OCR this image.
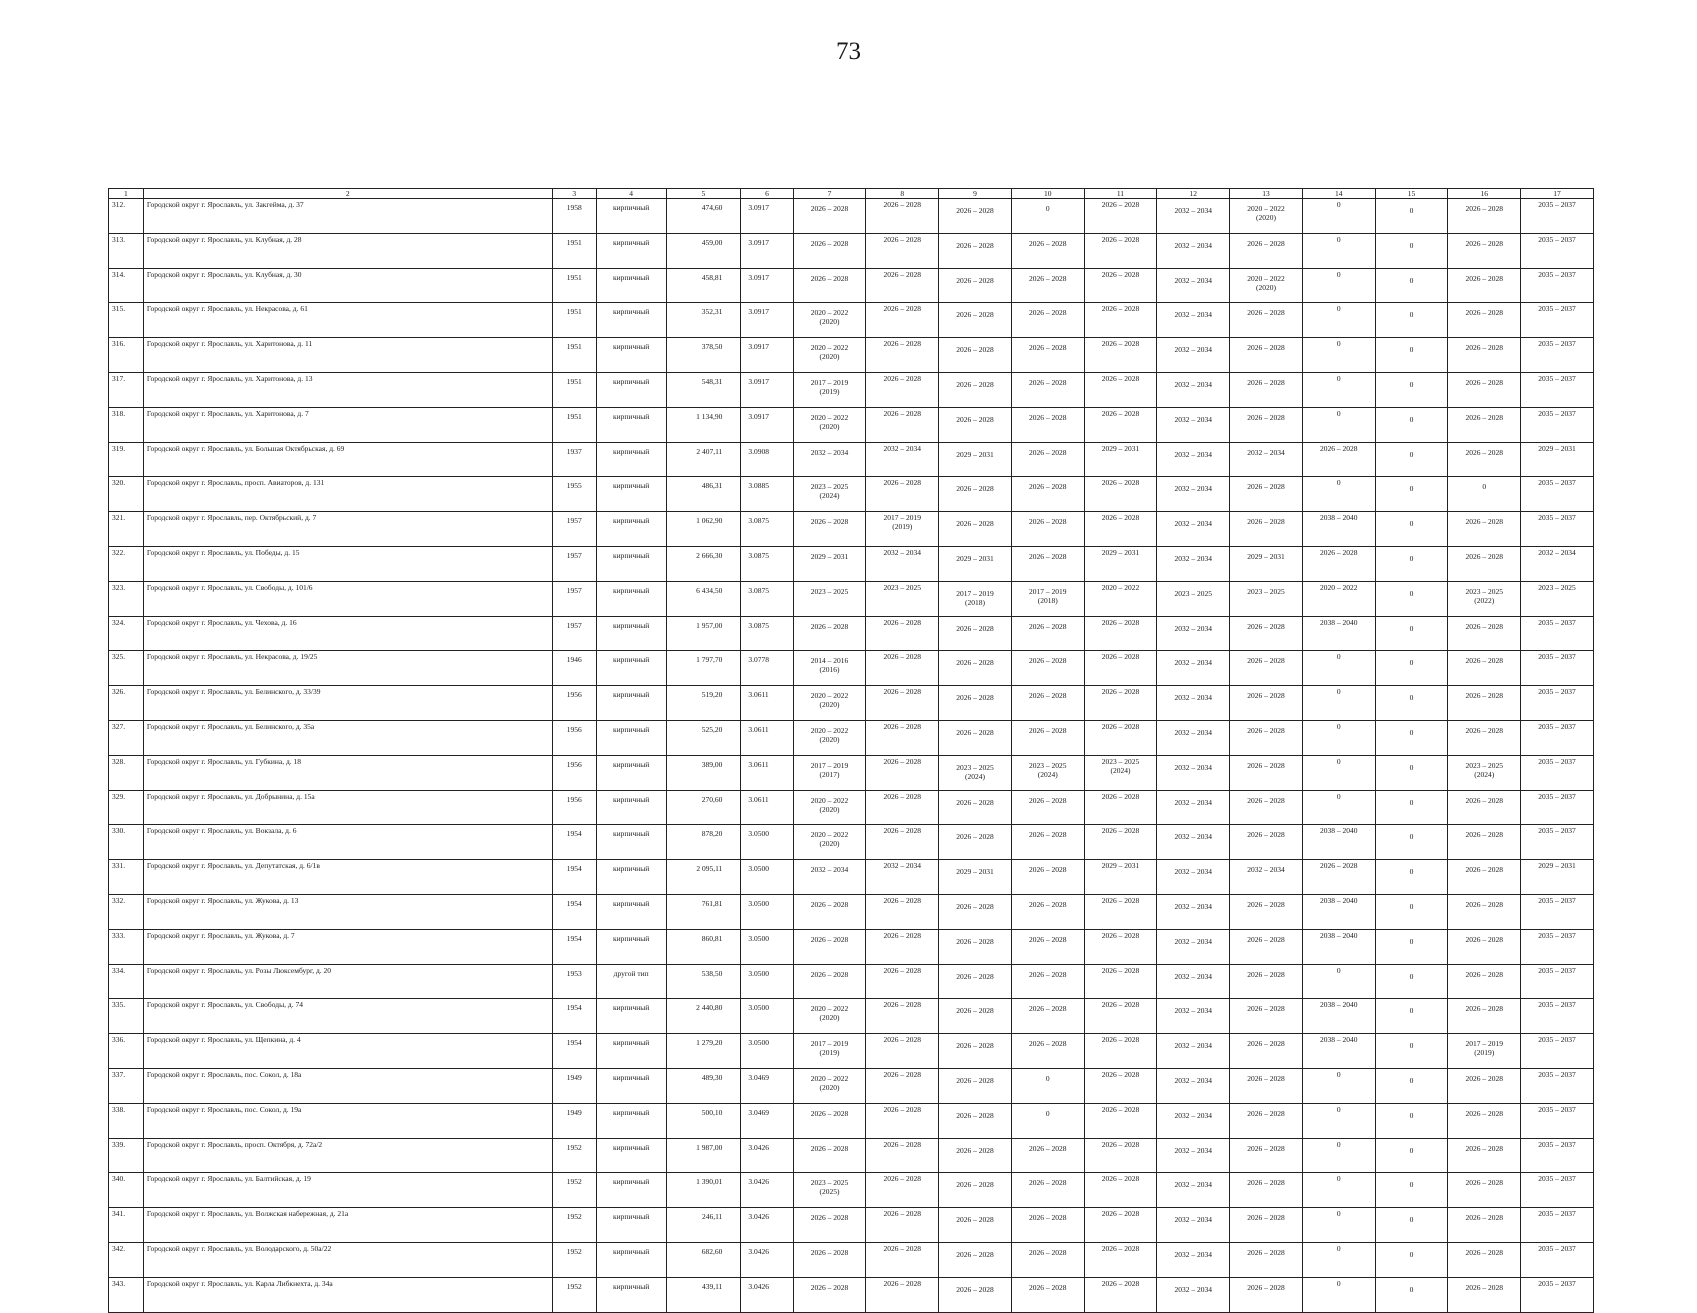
73
1	2	3	4	5	6	7	8	9	10	11	12	13	14	15	16	17
312.	Городской округ г. Ярославль, ул. Закгейма, д. 37	1958	кирпичный	474,60	3.0917	2026 – 2028	2026 – 2028	2026 – 2028	0	2026 – 2028	2032 – 2034	2020 – 2022
(2020)	0	0	2026 – 2028	2035 – 2037
313.	Городской округ г. Ярославль, ул. Клубная, д. 28	1951	кирпичный	459,00	3.0917	2026 – 2028	2026 – 2028	2026 – 2028	2026 – 2028	2026 – 2028	2032 – 2034	2026 – 2028	0	0	2026 – 2028	2035 – 2037
314.	Городской округ г. Ярославль, ул. Клубная, д. 30	1951	кирпичный	458,81	3.0917	2026 – 2028	2026 – 2028	2026 – 2028	2026 – 2028	2026 – 2028	2032 – 2034	2020 – 2022
(2020)	0	0	2026 – 2028	2035 – 2037
315.	Городской округ г. Ярославль, ул. Некрасова, д. 61	1951	кирпичный	352,31	3.0917	2020 – 2022
(2020)	2026 – 2028	2026 – 2028	2026 – 2028	2026 – 2028	2032 – 2034	2026 – 2028	0	0	2026 – 2028	2035 – 2037
316.	Городской округ г. Ярославль, ул. Харитонова, д. 11	1951	кирпичный	378,50	3.0917	2020 – 2022
(2020)	2026 – 2028	2026 – 2028	2026 – 2028	2026 – 2028	2032 – 2034	2026 – 2028	0	0	2026 – 2028	2035 – 2037
317.	Городской округ г. Ярославль, ул. Харитонова, д. 13	1951	кирпичный	548,31	3.0917	2017 – 2019
(2019)	2026 – 2028	2026 – 2028	2026 – 2028	2026 – 2028	2032 – 2034	2026 – 2028	0	0	2026 – 2028	2035 – 2037
318.	Городской округ г. Ярославль, ул. Харитонова, д. 7	1951	кирпичный	1 134,90	3.0917	2020 – 2022
(2020)	2026 – 2028	2026 – 2028	2026 – 2028	2026 – 2028	2032 – 2034	2026 – 2028	0	0	2026 – 2028	2035 – 2037
319.	Городской округ г. Ярославль, ул. Большая Октябрьская, д. 69	1937	кирпичный	2 407,11	3.0908	2032 – 2034	2032 – 2034	2029 – 2031	2026 – 2028	2029 – 2031	2032 – 2034	2032 – 2034	2026 – 2028	0	2026 – 2028	2029 – 2031
320.	Городской округ г. Ярославль, просп. Авиаторов, д. 131	1955	кирпичный	486,31	3.0885	2023 – 2025
(2024)	2026 – 2028	2026 – 2028	2026 – 2028	2026 – 2028	2032 – 2034	2026 – 2028	0	0	0	2035 – 2037
321.	Городской округ г. Ярославль, пер. Октябрьский, д. 7	1957	кирпичный	1 062,90	3.0875	2026 – 2028	2017 – 2019
(2019)	2026 – 2028	2026 – 2028	2026 – 2028	2032 – 2034	2026 – 2028	2038 – 2040	0	2026 – 2028	2035 – 2037
322.	Городской округ г. Ярославль, ул. Победы, д. 15	1957	кирпичный	2 666,30	3.0875	2029 – 2031	2032 – 2034	2029 – 2031	2026 – 2028	2029 – 2031	2032 – 2034	2029 – 2031	2026 – 2028	0	2026 – 2028	2032 – 2034
323.	Городской округ г. Ярославль, ул. Свободы, д. 101/6	1957	кирпичный	6 434,50	3.0875	2023 – 2025	2023 – 2025	2017 – 2019
(2018)	2017 – 2019
(2018)	2020 – 2022	2023 – 2025	2023 – 2025	2020 – 2022	0	2023 – 2025
(2022)	2023 – 2025
324.	Городской округ г. Ярославль, ул. Чехова, д. 16	1957	кирпичный	1 957,00	3.0875	2026 – 2028	2026 – 2028	2026 – 2028	2026 – 2028	2026 – 2028	2032 – 2034	2026 – 2028	2038 – 2040	0	2026 – 2028	2035 – 2037
325.	Городской округ г. Ярославль, ул. Некрасова, д. 19/25	1946	кирпичный	1 797,70	3.0778	2014 – 2016
(2016)	2026 – 2028	2026 – 2028	2026 – 2028	2026 – 2028	2032 – 2034	2026 – 2028	0	0	2026 – 2028	2035 – 2037
326.	Городской округ г. Ярославль, ул. Белинского, д. 33/39	1956	кирпичный	519,20	3.0611	2020 – 2022
(2020)	2026 – 2028	2026 – 2028	2026 – 2028	2026 – 2028	2032 – 2034	2026 – 2028	0	0	2026 – 2028	2035 – 2037
327.	Городской округ г. Ярославль, ул. Белинского, д. 35а	1956	кирпичный	525,20	3.0611	2020 – 2022
(2020)	2026 – 2028	2026 – 2028	2026 – 2028	2026 – 2028	2032 – 2034	2026 – 2028	0	0	2026 – 2028	2035 – 2037
328.	Городской округ г. Ярославль, ул. Губкина, д. 18	1956	кирпичный	389,00	3.0611	2017 – 2019
(2017)	2026 – 2028	2023 – 2025
(2024)	2023 – 2025
(2024)	2023 – 2025
(2024)	2032 – 2034	2026 – 2028	0	0	2023 – 2025
(2024)	2035 – 2037
329.	Городской округ г. Ярославль, ул. Добрынина, д. 15а	1956	кирпичный	270,60	3.0611	2020 – 2022
(2020)	2026 – 2028	2026 – 2028	2026 – 2028	2026 – 2028	2032 – 2034	2026 – 2028	0	0	2026 – 2028	2035 – 2037
330.	Городской округ г. Ярославль, ул. Вокзала, д. 6	1954	кирпичный	878,20	3.0500	2020 – 2022
(2020)	2026 – 2028	2026 – 2028	2026 – 2028	2026 – 2028	2032 – 2034	2026 – 2028	2038 – 2040	0	2026 – 2028	2035 – 2037
331.	Городской округ г. Ярославль, ул. Депутатская, д. 6/1в	1954	кирпичный	2 095,11	3.0500	2032 – 2034	2032 – 2034	2029 – 2031	2026 – 2028	2029 – 2031	2032 – 2034	2032 – 2034	2026 – 2028	0	2026 – 2028	2029 – 2031
332.	Городской округ г. Ярославль, ул. Жукова, д. 13	1954	кирпичный	761,81	3.0500	2026 – 2028	2026 – 2028	2026 – 2028	2026 – 2028	2026 – 2028	2032 – 2034	2026 – 2028	2038 – 2040	0	2026 – 2028	2035 – 2037
333.	Городской округ г. Ярославль, ул. Жукова, д. 7	1954	кирпичный	860,81	3.0500	2026 – 2028	2026 – 2028	2026 – 2028	2026 – 2028	2026 – 2028	2032 – 2034	2026 – 2028	2038 – 2040	0	2026 – 2028	2035 – 2037
334.	Городской округ г. Ярославль, ул. Розы Люксембург, д. 20	1953	другой тип	538,50	3.0500	2026 – 2028	2026 – 2028	2026 – 2028	2026 – 2028	2026 – 2028	2032 – 2034	2026 – 2028	0	0	2026 – 2028	2035 – 2037
335.	Городской округ г. Ярославль, ул. Свободы, д. 74	1954	кирпичный	2 440,80	3.0500	2020 – 2022
(2020)	2026 – 2028	2026 – 2028	2026 – 2028	2026 – 2028	2032 – 2034	2026 – 2028	2038 – 2040	0	2026 – 2028	2035 – 2037
336.	Городской округ г. Ярославль, ул. Щепкина, д. 4	1954	кирпичный	1 279,20	3.0500	2017 – 2019
(2019)	2026 – 2028	2026 – 2028	2026 – 2028	2026 – 2028	2032 – 2034	2026 – 2028	2038 – 2040	0	2017 – 2019
(2019)	2035 – 2037
337.	Городской округ г. Ярославль, пос. Сокол, д. 18а	1949	кирпичный	489,30	3.0469	2020 – 2022
(2020)	2026 – 2028	2026 – 2028	0	2026 – 2028	2032 – 2034	2026 – 2028	0	0	2026 – 2028	2035 – 2037
338.	Городской округ г. Ярославль, пос. Сокол, д. 19а	1949	кирпичный	500,10	3.0469	2026 – 2028	2026 – 2028	2026 – 2028	0	2026 – 2028	2032 – 2034	2026 – 2028	0	0	2026 – 2028	2035 – 2037
339.	Городской округ г. Ярославль, просп. Октября, д. 72а/2	1952	кирпичный	1 987,00	3.0426	2026 – 2028	2026 – 2028	2026 – 2028	2026 – 2028	2026 – 2028	2032 – 2034	2026 – 2028	0	0	2026 – 2028	2035 – 2037
340.	Городской округ г. Ярославль, ул. Балтийская, д. 19	1952	кирпичный	1 390,01	3.0426	2023 – 2025
(2025)	2026 – 2028	2026 – 2028	2026 – 2028	2026 – 2028	2032 – 2034	2026 – 2028	0	0	2026 – 2028	2035 – 2037
341.	Городской округ г. Ярославль, ул. Волжская набережная, д. 21а	1952	кирпичный	246,11	3.0426	2026 – 2028	2026 – 2028	2026 – 2028	2026 – 2028	2026 – 2028	2032 – 2034	2026 – 2028	0	0	2026 – 2028	2035 – 2037
342.	Городской округ г. Ярославль, ул. Володарского, д. 50а/22	1952	кирпичный	682,60	3.0426	2026 – 2028	2026 – 2028	2026 – 2028	2026 – 2028	2026 – 2028	2032 – 2034	2026 – 2028	0	0	2026 – 2028	2035 – 2037
343.	Городской округ г. Ярославль, ул. Карла Либкнехта, д. 34а	1952	кирпичный	439,11	3.0426	2026 – 2028	2026 – 2028	2026 – 2028	2026 – 2028	2026 – 2028	2032 – 2034	2026 – 2028	0	0	2026 – 2028	2035 – 2037
